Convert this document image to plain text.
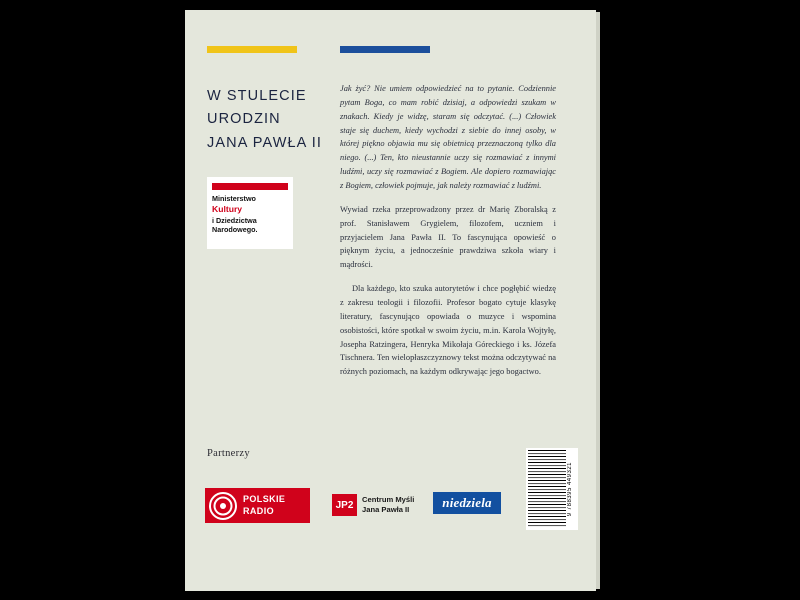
W STULECIE
URODZIN
JANA PAWŁA II
Ministerstwo
Kultury
i Dziedzictwa
Narodowego.
Partnerzy
POLSKIE
RADIO	JP2
Centrum Myśli
Jana Pawła II	niedziela

Jak żyć? Nie umiem odpowiedzieć na to pytanie. Codziennie pytam Boga, co mam robić dzisiaj, a odpowiedzi szukam w znakach. Kiedy je widzę, staram się odczytać. (...) Człowiek staje się duchem, kiedy wychodzi z siebie do innej osoby, w której piękno objawia mu się obietnicą przeznaczoną tylko dla niego. (...) Ten, kto nieustannie uczy się rozmawiać z innymi ludźmi, uczy się rozmawiać z Bogiem. Ale dopiero rozmawiając z Bogiem, człowiek pojmuje, jak należy rozmawiać z ludźmi.

Wywiad rzeka przeprowadzony przez dr Marię Zboralską z prof. Stanisławem Grygielem, filozofem, uczniem i przyjacielem Jana Pawła II. To fascynująca opowieść o pięknym życiu, a jednocześnie prawdziwa szkoła wiary i mądrości.

Dla każdego, kto szuka autorytetów i chce pogłębić wiedzę z zakresu teologii i filozofii. Profesor bogato cytuje klasykę literatury, fascynująco opowiada o muzyce i wspomina osobistości, które spotkał w swoim życiu, m.in. Karola Wojtyłę, Josepha Ratzingera, Henryka Mikołaja Góreckiego i ks. Józefa Tischnera. Ten wielopłaszczyznowy tekst można odczytywać na różnych poziomach, na każdym odkrywając jego bogactwo.

9 788395 449321
